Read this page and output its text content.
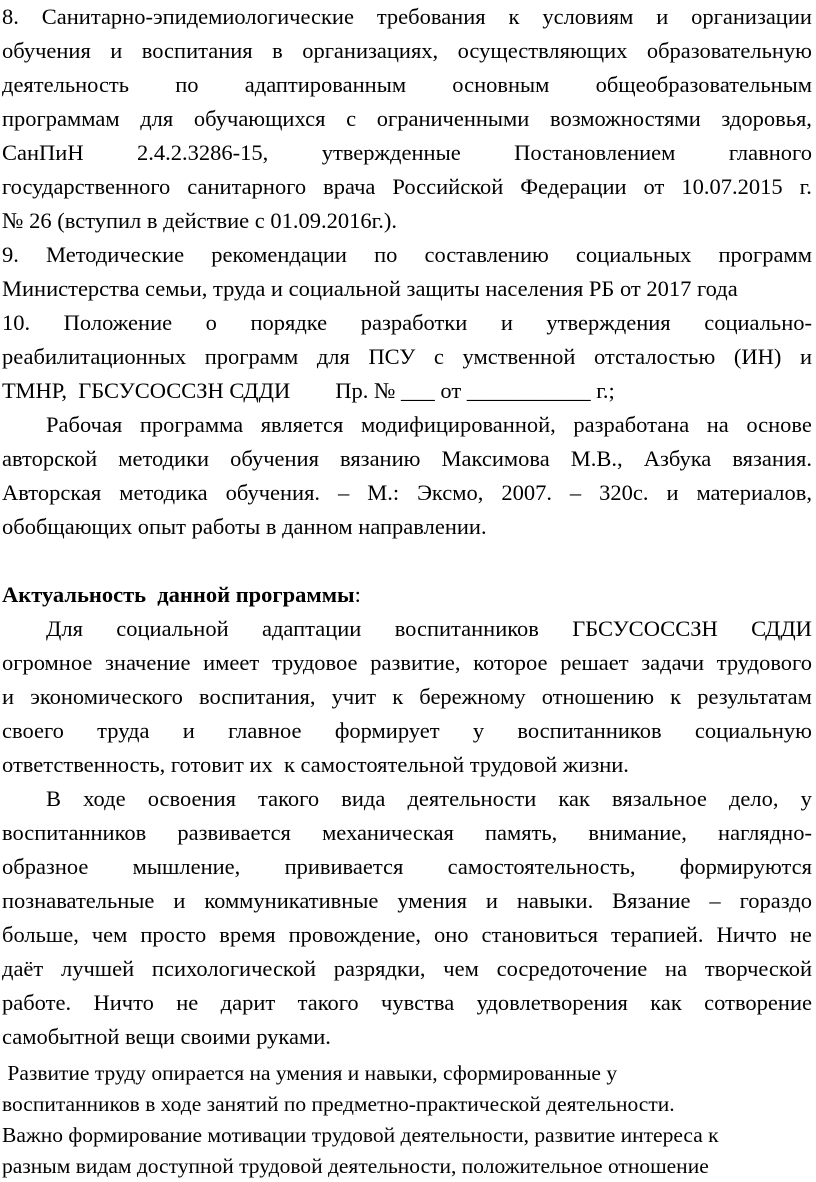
8. Санитарно-эпидемиологические требования к условиям и организации
обучения и воспитания в организациях, осуществляющих образовательную
деятельность по адаптированным основным общеобразовательным
программам для обучающихся с ограниченными возможностями здоровья,
СанПиН 2.4.2.3286-15, утвержденные Постановлением главного
государственного санитарного врача Российской Федерации от 10.07.2015 г.
№ 26 (вступил в действие с 01.09.2016г.).
9. Методические рекомендации по составлению социальных программ
Министерства семьи, труда и социальной защиты населения РБ от 2017 года
10. Положение о порядке разработки и утверждения социально-
реабилитационных программ для ПСУ с умственной отсталостью (ИН) и
ТМНР,  ГБСУСОССЗН СДДИ        Пр. № ___ от ___________ г.;
Рабочая программа является модифицированной, разработана на основе
авторской методики обучения вязанию Максимова М.В., Азбука вязания.
Авторская методика обучения. – М.: Эксмо, 2007. – 320с. и материалов,
обобщающих опыт работы в данном направлении.
Актуальность  данной программы:
Для социальной адаптации воспитанников ГБСУСОССЗН СДДИ
огромное значение имеет трудовое развитие, которое решает задачи трудового
и экономического воспитания, учит к бережному отношению к результатам
своего труда и главное формирует у воспитанников социальную
ответственность, готовит их  к самостоятельной трудовой жизни.
В ходе освоения такого вида деятельности как вязальное дело, у
воспитанников развивается механическая память, внимание, наглядно-
образное мышление, прививается самостоятельность, формируются
познавательные и коммуникативные умения и навыки. Вязание – гораздо
больше, чем просто время провождение, оно становиться терапией. Ничто не
даёт лучшей психологической разрядки, чем сосредоточение на творческой
работе. Ничто не дарит такого чувства удовлетворения как сотворение
самобытной вещи своими руками.
Развитие труду опирается на умения и навыки, сформированные у
воспитанников в ходе занятий по предметно-практической деятельности.
Важно формирование мотивации трудовой деятельности, развитие интереса к
разным видам доступной трудовой деятельности, положительное отношение
